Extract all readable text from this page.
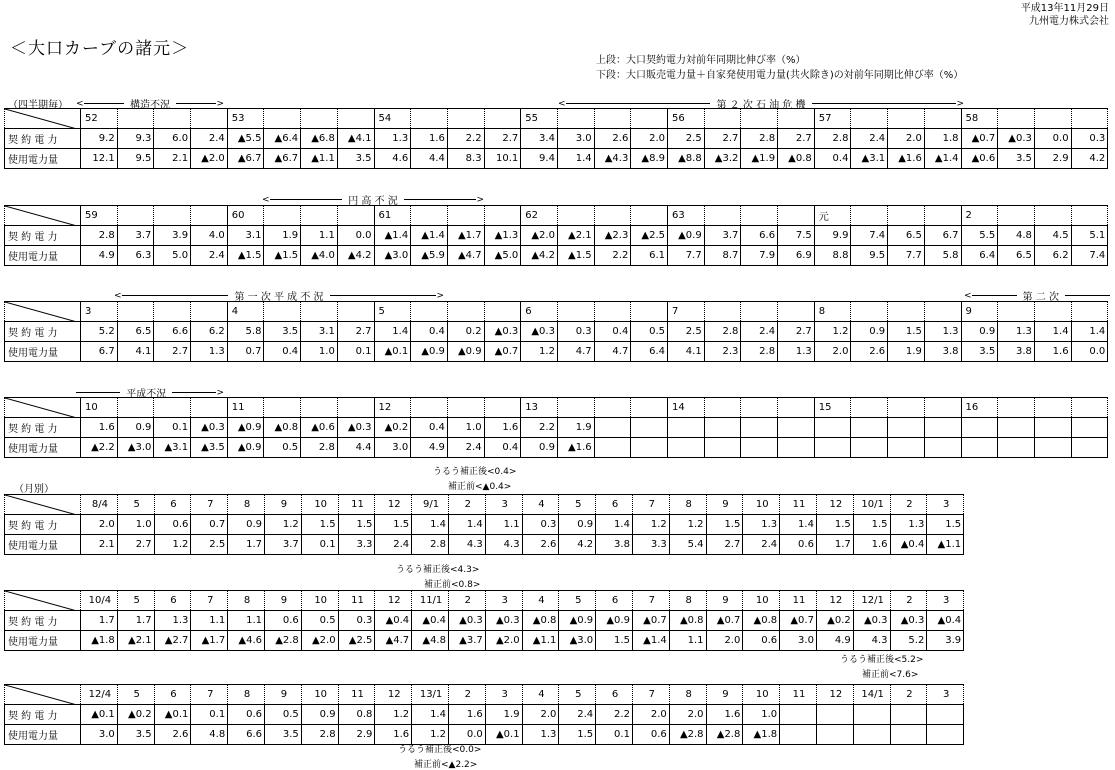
平成13年11月29日
九州電力株式会社
＜大口カーブの諸元＞
上段：大口契約電力対前年同期比伸び率（%）
下段：大口販売電力量＋自家発使用電力量(共火除き)の対前年同期比伸び率（%）
（四半期毎）
（月別）
	52				53				54				55				56				57				58			
契 約 電 力	9.2	9.3	6.0	2.4	▲5.5	▲6.4	▲6.8	▲4.1	1.3	1.6	2.2	2.7	3.4	3.0	2.6	2.0	2.5	2.7	2.8	2.7	2.8	2.4	2.0	1.8	▲0.7	▲0.3	0.0	0.3
使用電力量	12.1	9.5	2.1	▲2.0	▲6.7	▲6.7	▲1.1	3.5	4.6	4.4	8.3	10.1	9.4	1.4	▲4.3	▲8.9	▲8.8	▲3.2	▲1.9	▲0.8	0.4	▲3.1	▲1.6	▲1.4	▲0.6	3.5	2.9	4.2
	59				60				61				62				63				元				2			
契 約 電 力	2.8	3.7	3.9	4.0	3.1	1.9	1.1	0.0	▲1.4	▲1.4	▲1.7	▲1.3	▲2.0	▲2.1	▲2.3	▲2.5	▲0.9	3.7	6.6	7.5	9.9	7.4	6.5	6.7	5.5	4.8	4.5	5.1
使用電力量	4.9	6.3	5.0	2.4	▲1.5	▲1.5	▲4.0	▲4.2	▲3.0	▲5.9	▲4.7	▲5.0	▲4.2	▲1.5	2.2	6.1	7.7	8.7	7.9	6.9	8.8	9.5	7.7	5.8	6.4	6.5	6.2	7.4
	3				4				5				6				7				8				9			
契 約 電 力	5.2	6.5	6.6	6.2	5.8	3.5	3.1	2.7	1.4	0.4	0.2	▲0.3	▲0.3	0.3	0.4	0.5	2.5	2.8	2.4	2.7	1.2	0.9	1.5	1.3	0.9	1.3	1.4	1.4
使用電力量	6.7	4.1	2.7	1.3	0.7	0.4	1.0	0.1	▲0.1	▲0.9	▲0.9	▲0.7	1.2	4.7	4.7	6.4	4.1	2.3	2.8	1.3	2.0	2.6	1.9	3.8	3.5	3.8	1.6	0.0
	10				11				12				13				14				15				16			
契 約 電 力	1.6	0.9	0.1	▲0.3	▲0.9	▲0.8	▲0.6	▲0.3	▲0.2	0.4	1.0	1.6	2.2	1.9														
使用電力量	▲2.2	▲3.0	▲3.1	▲3.5	▲0.9	0.5	2.8	4.4	3.0	4.9	2.4	0.4	0.9	▲1.6														
	8/4	5	6	7	8	9	10	11	12	9/1	2	3	4	5	6	7	8	9	10	11	12	10/1	2	3
契 約 電 力	2.0	1.0	0.6	0.7	0.9	1.2	1.5	1.5	1.5	1.4	1.4	1.1	0.3	0.9	1.4	1.2	1.2	1.5	1.3	1.4	1.5	1.5	1.3	1.5
使用電力量	2.1	2.7	1.2	2.5	1.7	3.7	0.1	3.3	2.4	2.8	4.3	4.3	2.6	4.2	3.8	3.3	5.4	2.7	2.4	0.6	1.7	1.6	▲0.4	▲1.1
	10/4	5	6	7	8	9	10	11	12	11/1	2	3	4	5	6	7	8	9	10	11	12	12/1	2	3
契 約 電 力	1.7	1.7	1.3	1.1	1.1	0.6	0.5	0.3	▲0.4	▲0.4	▲0.3	▲0.3	▲0.8	▲0.9	▲0.9	▲0.7	▲0.8	▲0.7	▲0.8	▲0.7	▲0.2	▲0.3	▲0.3	▲0.4
使用電力量	▲1.8	▲2.1	▲2.7	▲1.7	▲4.6	▲2.8	▲2.0	▲2.5	▲4.7	▲4.8	▲3.7	▲2.0	▲1.1	▲3.0	1.5	▲1.4	1.1	2.0	0.6	3.0	4.9	4.3	5.2	3.9
	12/4	5	6	7	8	9	10	11	12	13/1	2	3	4	5	6	7	8	9	10	11	12	14/1	2	3
契 約 電 力	▲0.1	▲0.2	▲0.1	0.1	0.6	0.5	0.9	0.8	1.2	1.4	1.6	1.9	2.0	2.4	2.2	2.0	2.0	1.6	1.0					
使用電力量	3.0	3.5	2.6	4.8	6.6	3.5	2.8	2.9	1.6	1.2	0.0	▲0.1	1.3	1.5	0.1	0.6	▲2.8	▲2.8	▲1.8					
<	構造不況	>	<	第 ２ 次 石 油 危 機	>
<	円 高 不 況	>
<	第 一 次 平 成 不 況	>	<	第 二 次
平成不況	>
うるう補正後<0.4>
補正前<▲0.4>
うるう補正後<4.3>
補正前<0.8>
うるう補正後<5.2>
補正前<7.6>
うるう補正後<0.0>
補正前<▲2.2>
